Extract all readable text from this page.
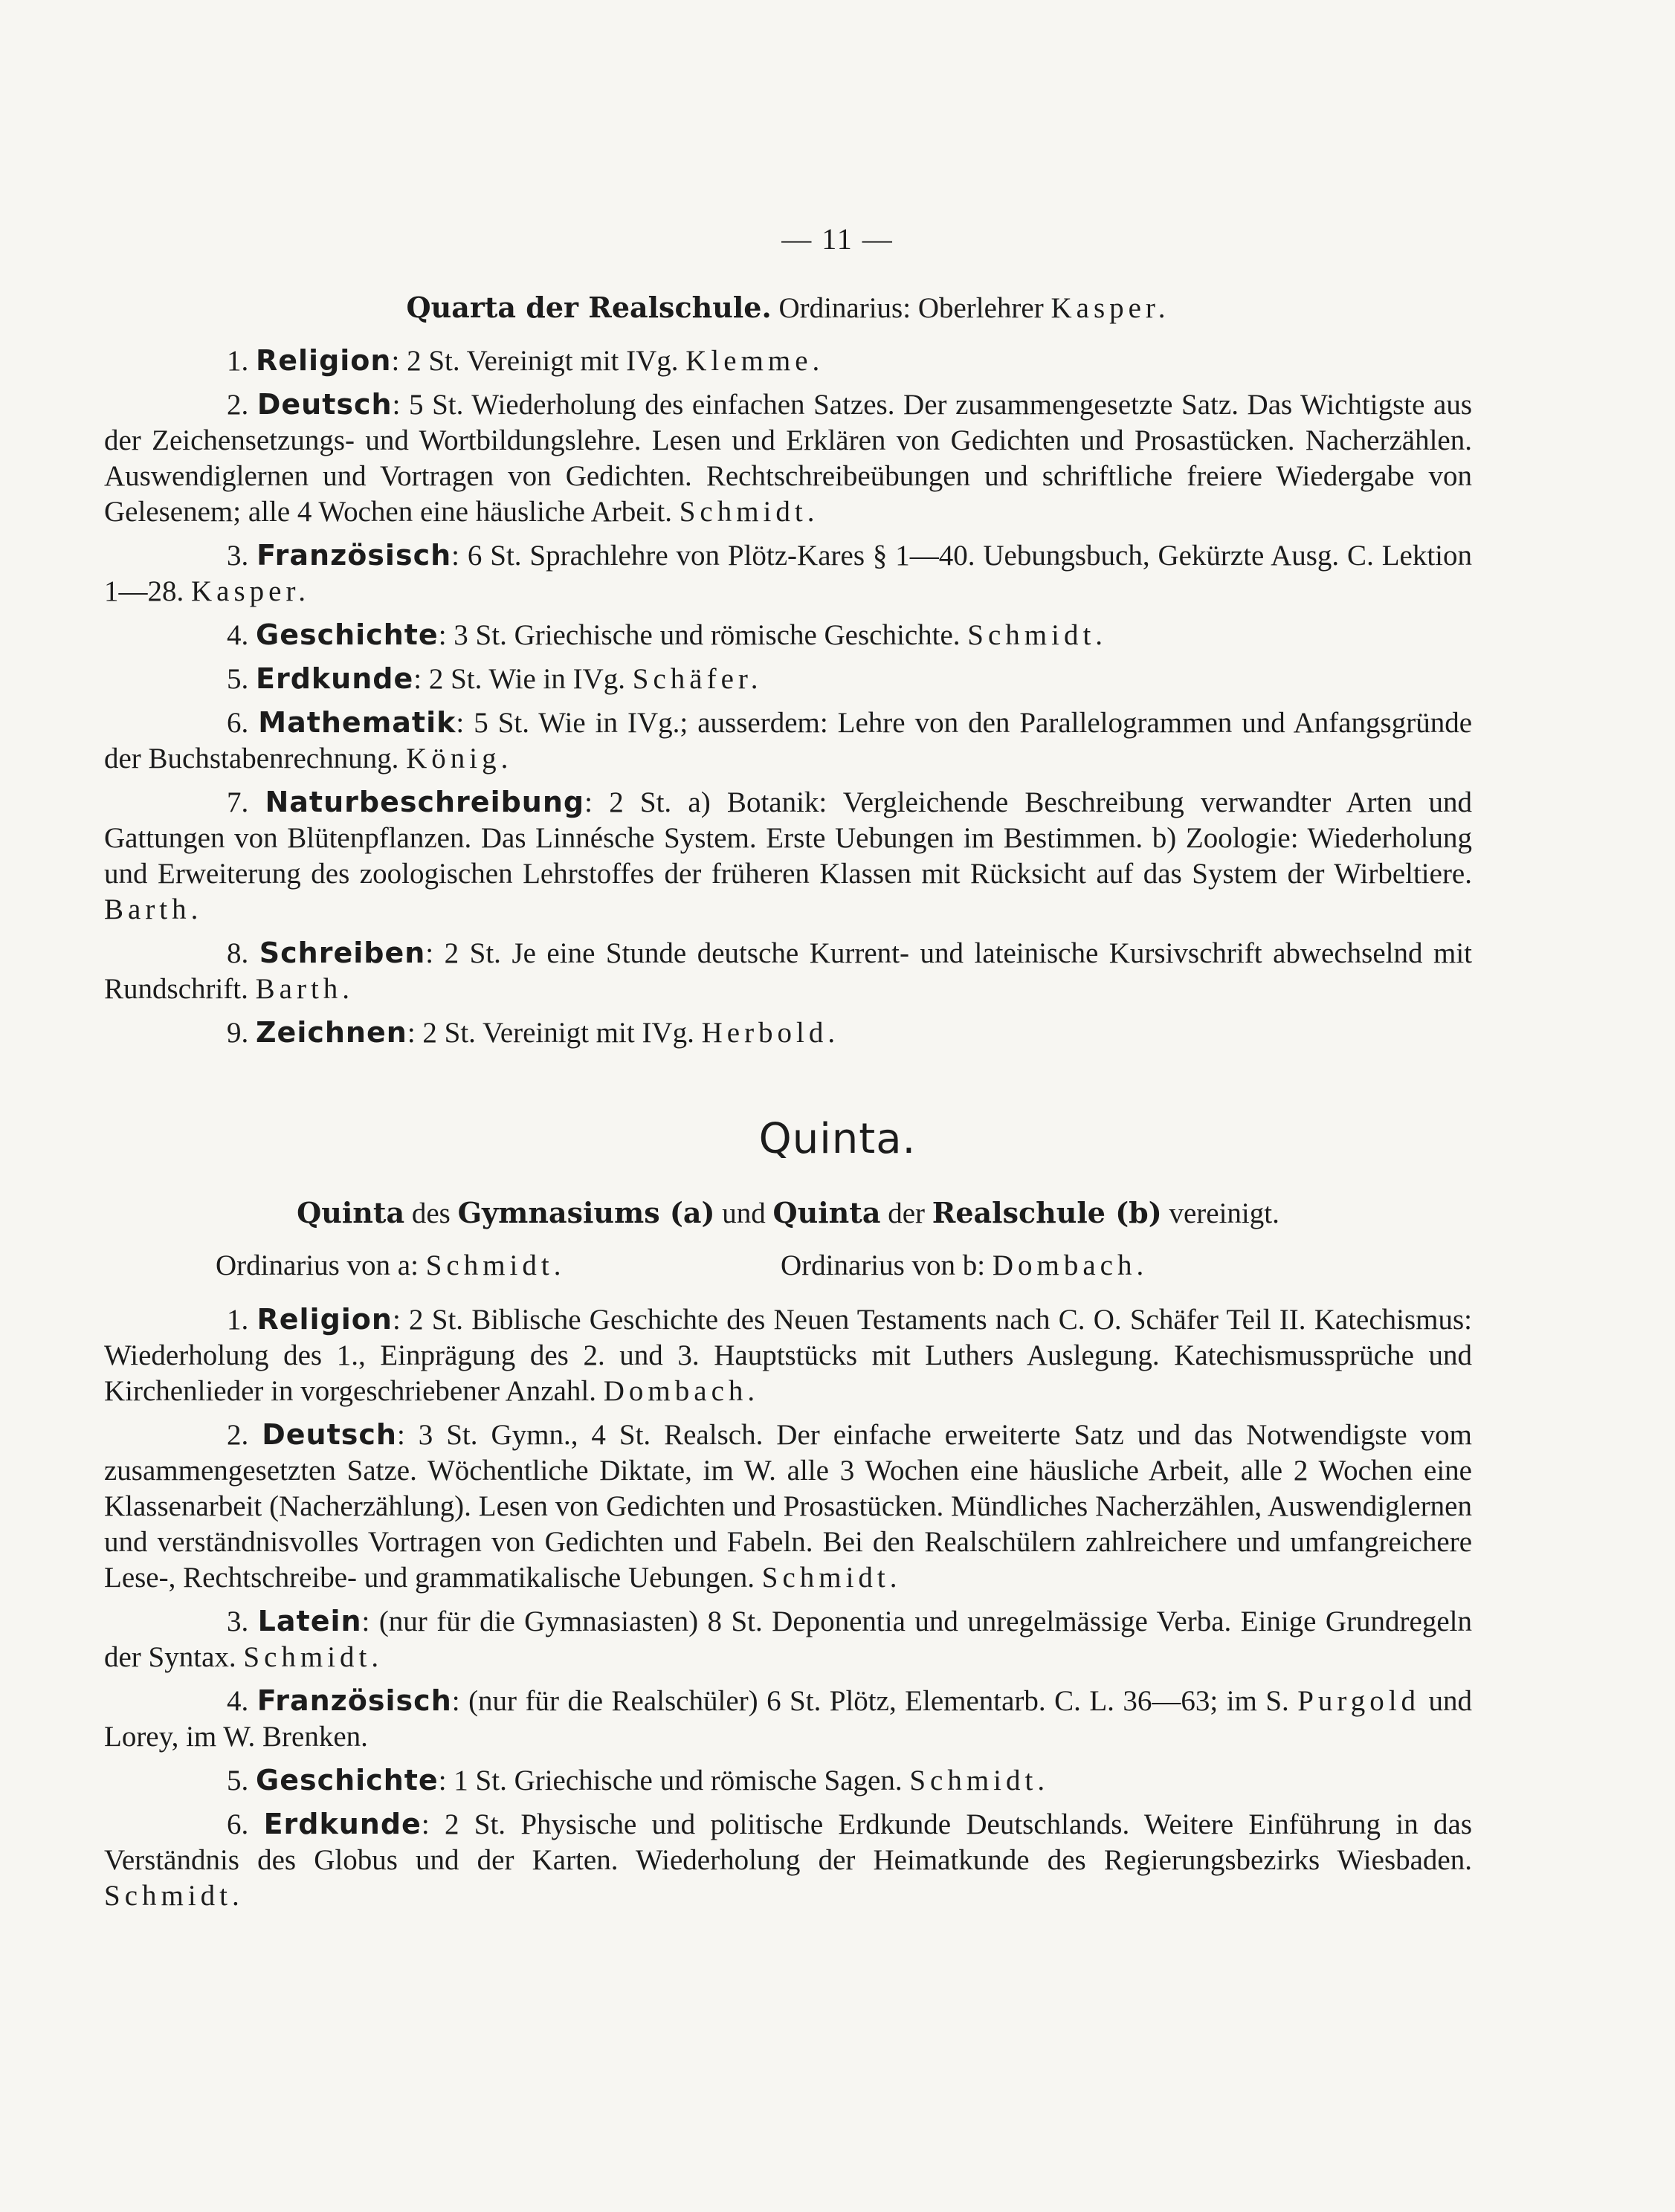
— 11 —

Quarta der Realschule. Ordinarius: Oberlehrer Kasper.

1. Religion: 2 St. Vereinigt mit IVg. Klemme.

2. Deutsch: 5 St. Wiederholung des einfachen Satzes. Der zusammengesetzte Satz. Das Wichtigste aus der Zeichensetzungs- und Wortbildungslehre. Lesen und Erklären von Gedichten und Prosastücken. Nacherzählen. Auswendiglernen und Vortragen von Gedichten. Rechtschreibeübungen und schriftliche freiere Wiedergabe von Gelesenem; alle 4 Wochen eine häusliche Arbeit. Schmidt.

3. Französisch: 6 St. Sprachlehre von Plötz-Kares § 1—40. Uebungsbuch, Gekürzte Ausg. C. Lektion 1—28. Kasper.

4. Geschichte: 3 St. Griechische und römische Geschichte. Schmidt.

5. Erdkunde: 2 St. Wie in IVg. Schäfer.

6. Mathematik: 5 St. Wie in IVg.; ausserdem: Lehre von den Parallelogrammen und Anfangsgründe der Buchstabenrechnung. König.

7. Naturbeschreibung: 2 St. a) Botanik: Vergleichende Beschreibung verwandter Arten und Gattungen von Blütenpflanzen. Das Linnésche System. Erste Uebungen im Bestimmen. b) Zoologie: Wiederholung und Erweiterung des zoologischen Lehrstoffes der früheren Klassen mit Rücksicht auf das System der Wirbeltiere. Barth.

8. Schreiben: 2 St. Je eine Stunde deutsche Kurrent- und lateinische Kursivschrift abwechselnd mit Rundschrift. Barth.

9. Zeichnen: 2 St. Vereinigt mit IVg. Herbold.

Quinta.

Quinta des Gymnasiums (a) und Quinta der Realschule (b) vereinigt.

Ordinarius von a: Schmidt.	Ordinarius von b: Dombach.

1. Religion: 2 St. Biblische Geschichte des Neuen Testaments nach C. O. Schäfer Teil II. Katechismus: Wiederholung des 1., Einprägung des 2. und 3. Hauptstücks mit Luthers Auslegung. Katechismussprüche und Kirchenlieder in vorgeschriebener Anzahl. Dombach.

2. Deutsch: 3 St. Gymn., 4 St. Realsch. Der einfache erweiterte Satz und das Notwendigste vom zusammengesetzten Satze. Wöchentliche Diktate, im W. alle 3 Wochen eine häusliche Arbeit, alle 2 Wochen eine Klassenarbeit (Nacherzählung). Lesen von Gedichten und Prosastücken. Mündliches Nacherzählen, Auswendiglernen und verständnisvolles Vortragen von Gedichten und Fabeln. Bei den Realschülern zahlreichere und umfangreichere Lese-, Rechtschreibe- und grammatikalische Uebungen. Schmidt.

3. Latein: (nur für die Gymnasiasten) 8 St. Deponentia und unregelmässige Verba. Einige Grundregeln der Syntax. Schmidt.

4. Französisch: (nur für die Realschüler) 6 St. Plötz, Elementarb. C. L. 36—63; im S. Purgold und Lorey, im W. Brenken.

5. Geschichte: 1 St. Griechische und römische Sagen. Schmidt.

6. Erdkunde: 2 St. Physische und politische Erdkunde Deutschlands. Weitere Einführung in das Verständnis des Globus und der Karten. Wiederholung der Heimatkunde des Regierungsbezirks Wiesbaden. Schmidt.
